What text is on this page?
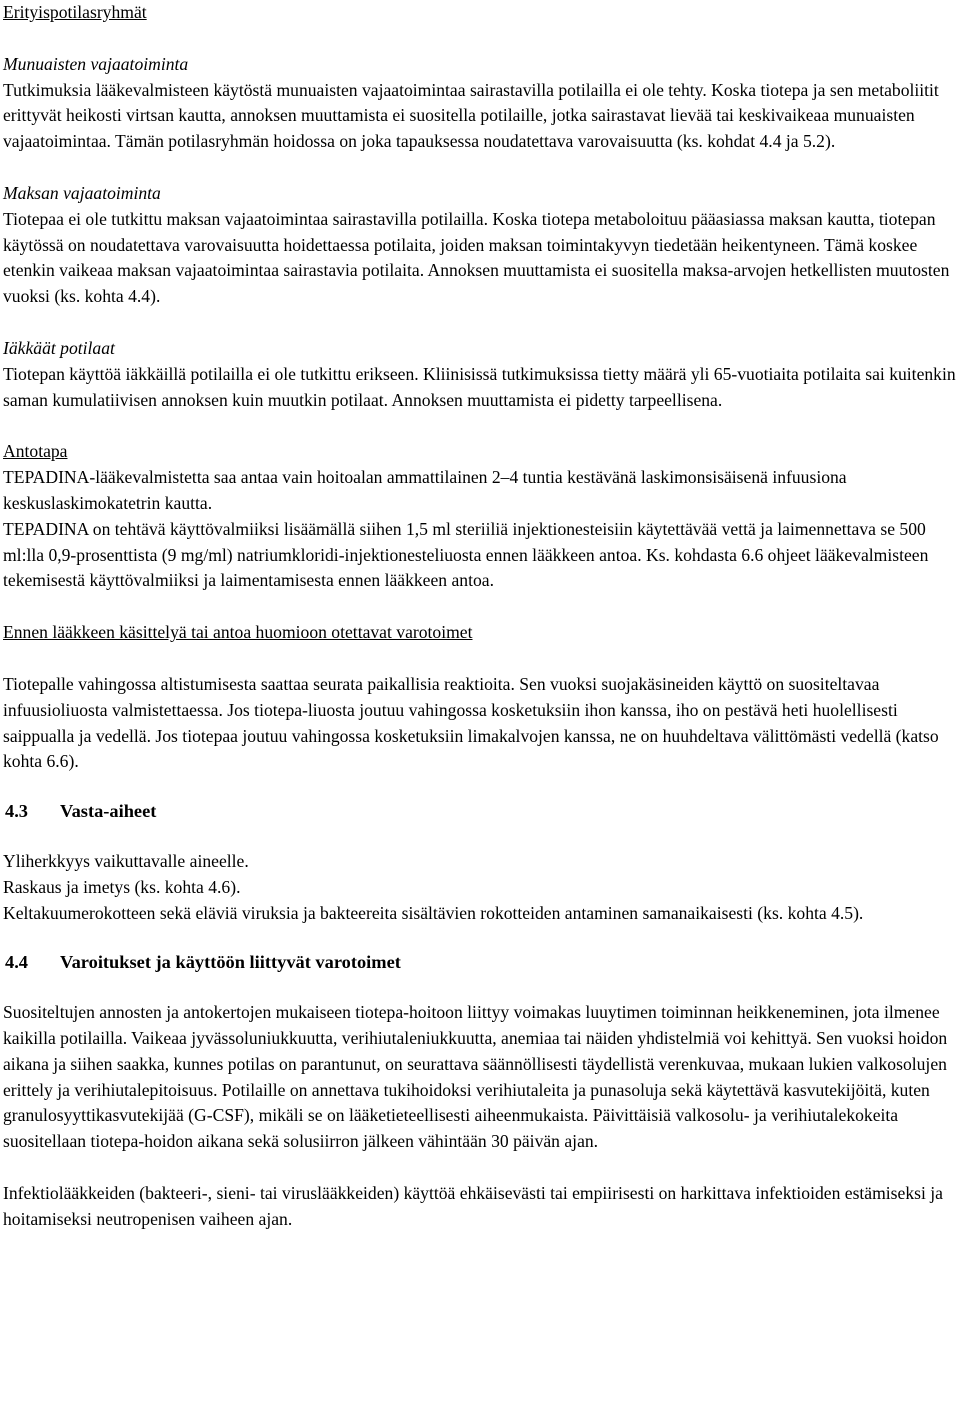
Erityispotilasryhmät

Munuaisten vajaatoiminta

Tutkimuksia lääkevalmisteen käytöstä munuaisten vajaatoimintaa sairastavilla potilailla ei ole tehty. Koska tiotepa ja sen metaboliitit erittyvät heikosti virtsan kautta, annoksen muuttamista ei suositella potilaille, jotka sairastavat lievää tai keskivaikeaa munuaisten vajaatoimintaa. Tämän potilasryhmän hoidossa on joka tapauksessa noudatettava varovaisuutta (ks. kohdat 4.4 ja 5.2).

Maksan vajaatoiminta

Tiotepaa ei ole tutkittu maksan vajaatoimintaa sairastavilla potilailla. Koska tiotepa metaboloituu pääasiassa maksan kautta, tiotepan käytössä on noudatettava varovaisuutta hoidettaessa potilaita, joiden maksan toimintakyvyn tiedetään heikentyneen. Tämä koskee etenkin vaikeaa maksan vajaatoimintaa sairastavia potilaita. Annoksen muuttamista ei suositella maksa-arvojen hetkellisten muutosten vuoksi (ks. kohta 4.4).

Iäkkäät potilaat

Tiotepan käyttöä iäkkäillä potilailla ei ole tutkittu erikseen. Kliinisissä tutkimuksissa tietty määrä yli 65-vuotiaita potilaita sai kuitenkin saman kumulatiivisen annoksen kuin muutkin potilaat. Annoksen muuttamista ei pidetty tarpeellisena.

Antotapa

TEPADINA-lääkevalmistetta saa antaa vain hoitoalan ammattilainen 2–4 tuntia kestävänä laskimonsisäisenä infuusiona keskuslaskimokatetrin kautta.

TEPADINA on tehtävä käyttövalmiiksi lisäämällä siihen 1,5 ml steriiliä injektionesteisiin käytettävää vettä ja laimennettava se 500 ml:lla 0,9-prosenttista (9 mg/ml) natriumkloridi-injektionesteliuosta ennen lääkkeen antoa. Ks. kohdasta 6.6 ohjeet lääkevalmisteen tekemisestä käyttövalmiiksi ja laimentamisesta ennen lääkkeen antoa.

Ennen lääkkeen käsittelyä tai antoa huomioon otettavat varotoimet

Tiotepalle vahingossa altistumisesta saattaa seurata paikallisia reaktioita. Sen vuoksi suojakäsineiden käyttö on suositeltavaa infuusioliuosta valmistettaessa. Jos tiotepa-liuosta joutuu vahingossa kosketuksiin ihon kanssa, iho on pestävä heti huolellisesti saippualla ja vedellä. Jos tiotepaa joutuu vahingossa kosketuksiin limakalvojen kanssa, ne on huuhdeltava välittömästi vedellä (katso kohta 6.6).

4.3 Vasta-aiheet

Yliherkkyys vaikuttavalle aineelle.

Raskaus ja imetys (ks. kohta 4.6).

Keltakuumerokotteen sekä eläviä viruksia ja bakteereita sisältävien rokotteiden antaminen samanaikaisesti (ks. kohta 4.5).

4.4 Varoitukset ja käyttöön liittyvät varotoimet

Suositeltujen annosten ja antokertojen mukaiseen tiotepa-hoitoon liittyy voimakas luuytimen toiminnan heikkeneminen, jota ilmenee kaikilla potilailla. Vaikeaa jyvässoluniukkuutta, verihiutaleniukkuutta, anemiaa tai näiden yhdistelmiä voi kehittyä. Sen vuoksi hoidon aikana ja siihen saakka, kunnes potilas on parantunut, on seurattava säännöllisesti täydellistä verenkuvaa, mukaan lukien valkosolujen erittely ja verihiutalepitoisuus. Potilaille on annettava tukihoidoksi verihiutaleita ja punasoluja sekä käytettävä kasvutekijöitä, kuten granulosyyttikasvutekijää (G-CSF), mikäli se on lääketieteellisesti aiheenmukaista. Päivittäisiä valkosolu- ja verihiutalekokeita suositellaan tiotepa-hoidon aikana sekä solusiirron jälkeen vähintään 30 päivän ajan.

Infektiolääkkeiden (bakteeri-, sieni- tai viruslääkkeiden) käyttöä ehkäisevästi tai empiirisesti on harkittava infektioiden estämiseksi ja hoitamiseksi neutropenisen vaiheen ajan.
